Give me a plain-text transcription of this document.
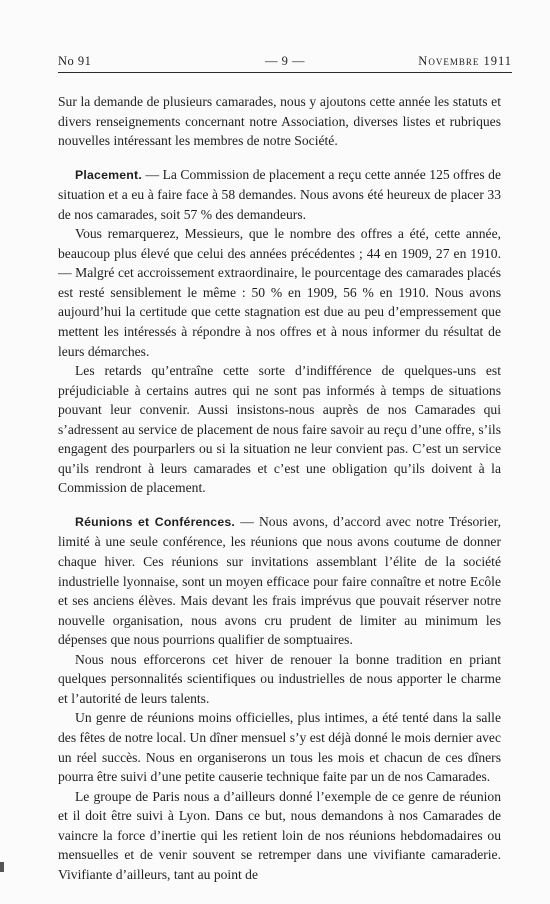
No 91	— 9 —	Novembre 1911

Sur la demande de plusieurs camarades, nous y ajoutons cette année les statuts et divers renseignements concernant notre Association, diverses listes et rubriques nouvelles intéressant les membres de notre Société.

Placement. — La Commission de placement a reçu cette année 125 offres de situation et a eu à faire face à 58 demandes. Nous avons été heureux de placer 33 de nos camarades, soit 57 % des demandeurs.

Vous remarquerez, Messieurs, que le nombre des offres a été, cette année, beaucoup plus élevé que celui des années précédentes ; 44 en 1909, 27 en 1910. — Malgré cet accroissement extraordinaire, le pourcentage des camarades placés est resté sensiblement le même : 50 % en 1909, 56 % en 1910. Nous avons aujourd’hui la certitude que cette stagnation est due au peu d’empressement que mettent les intéressés à répondre à nos offres et à nous informer du résultat de leurs démarches.

Les retards qu’entraîne cette sorte d’indifférence de quelques-uns est préjudiciable à certains autres qui ne sont pas informés à temps de situations pouvant leur convenir. Aussi insistons-nous auprès de nos Camarades qui s’adressent au service de placement de nous faire savoir au reçu d’une offre, s’ils engagent des pourparlers ou si la situation ne leur convient pas. C’est un service qu’ils rendront à leurs camarades et c’est une obligation qu’ils doivent à la Commission de placement.

Réunions et Conférences. — Nous avons, d’accord avec notre Trésorier, limité à une seule conférence, les réunions que nous avons coutume de donner chaque hiver. Ces réunions sur invitations assemblant l’élite de la société industrielle lyonnaise, sont un moyen efficace pour faire connaître et notre Ecôle et ses anciens élèves. Mais devant les frais imprévus que pouvait réserver notre nouvelle organisation, nous avons cru prudent de limiter au minimum les dépenses que nous pourrions qualifier de somptuaires.

Nous nous efforcerons cet hiver de renouer la bonne tradition en priant quelques personnalités scientifiques ou industrielles de nous apporter le charme et l’autorité de leurs talents.

Un genre de réunions moins officielles, plus intimes, a été tenté dans la salle des fêtes de notre local. Un dîner mensuel s’y est déjà donné le mois dernier avec un réel succès. Nous en organiserons un tous les mois et chacun de ces dîners pourra être suivi d’une petite causerie technique faite par un de nos Camarades.

Le groupe de Paris nous a d’ailleurs donné l’exemple de ce genre de réunion et il doit être suivi à Lyon. Dans ce but, nous demandons à nos Camarades de vaincre la force d’inertie qui les retient loin de nos réunions hebdomadaires ou mensuelles et de venir souvent se retremper dans une vivifiante camaraderie. Vivifiante d’ailleurs, tant au point de
